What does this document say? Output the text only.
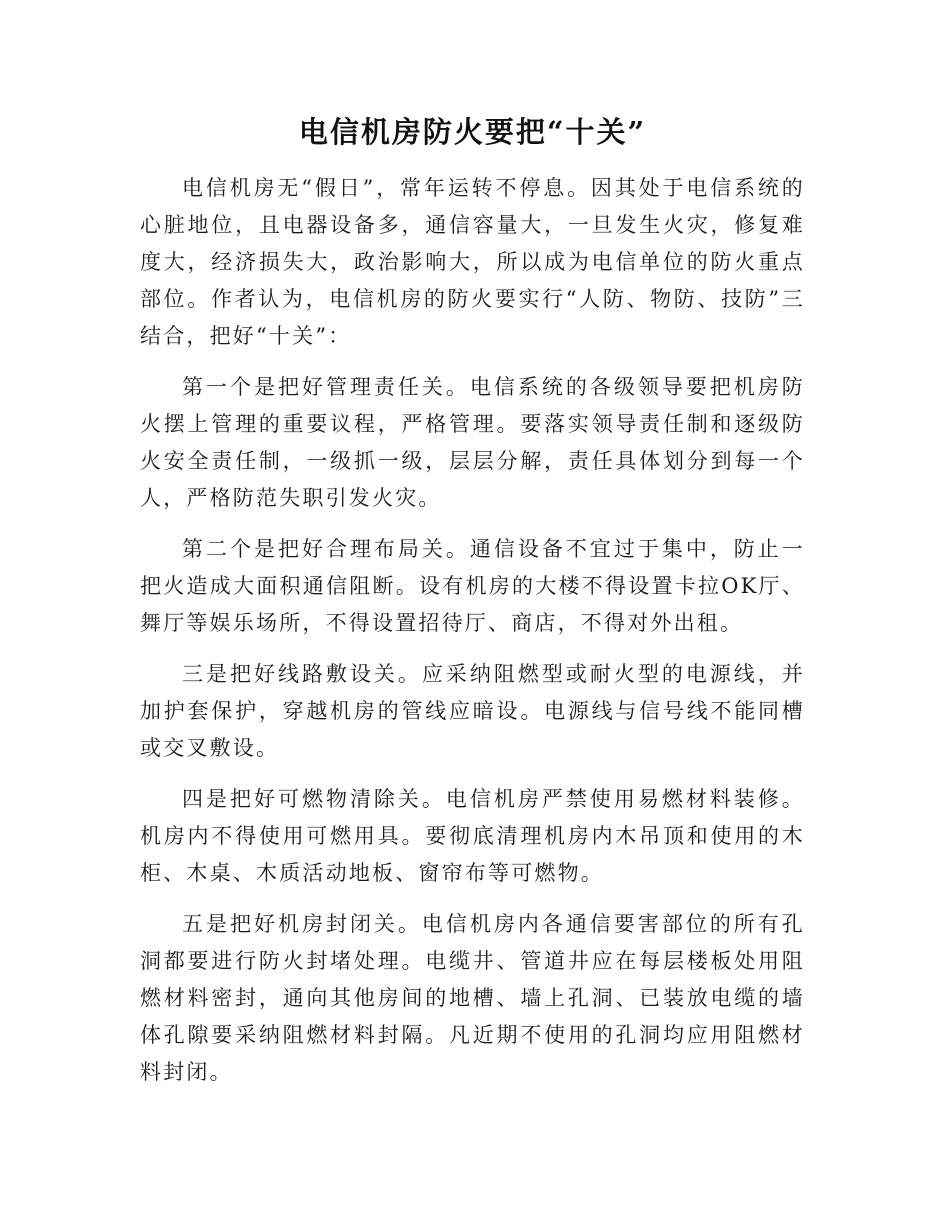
电信机房防火要把“十关”

电信机房无“假日”，常年运转不停息。因其处于电信系统的心脏地位，且电器设备多，通信容量大，一旦发生火灾，修复难度大，经济损失大，政治影响大，所以成为电信单位的防火重点部位。作者认为，电信机房的防火要实行“人防、物防、技防”三结合，把好“十关”：

第一个是把好管理责任关。电信系统的各级领导要把机房防火摆上管理的重要议程，严格管理。要落实领导责任制和逐级防火安全责任制，一级抓一级，层层分解，责任具体划分到每一个人，严格防范失职引发火灾。

第二个是把好合理布局关。通信设备不宜过于集中，防止一把火造成大面积通信阻断。设有机房的大楼不得设置卡拉OK厅、舞厅等娱乐场所，不得设置招待厅、商店，不得对外出租。

三是把好线路敷设关。应采纳阻燃型或耐火型的电源线，并加护套保护，穿越机房的管线应暗设。电源线与信号线不能同槽或交叉敷设。

四是把好可燃物清除关。电信机房严禁使用易燃材料装修。机房内不得使用可燃用具。要彻底清理机房内木吊顶和使用的木柜、木桌、木质活动地板、窗帘布等可燃物。

五是把好机房封闭关。电信机房内各通信要害部位的所有孔洞都要进行防火封堵处理。电缆井、管道井应在每层楼板处用阻燃材料密封，通向其他房间的地槽、墙上孔洞、已装放电缆的墙体孔隙要采纳阻燃材料封隔。凡近期不使用的孔洞均应用阻燃材料封闭。
